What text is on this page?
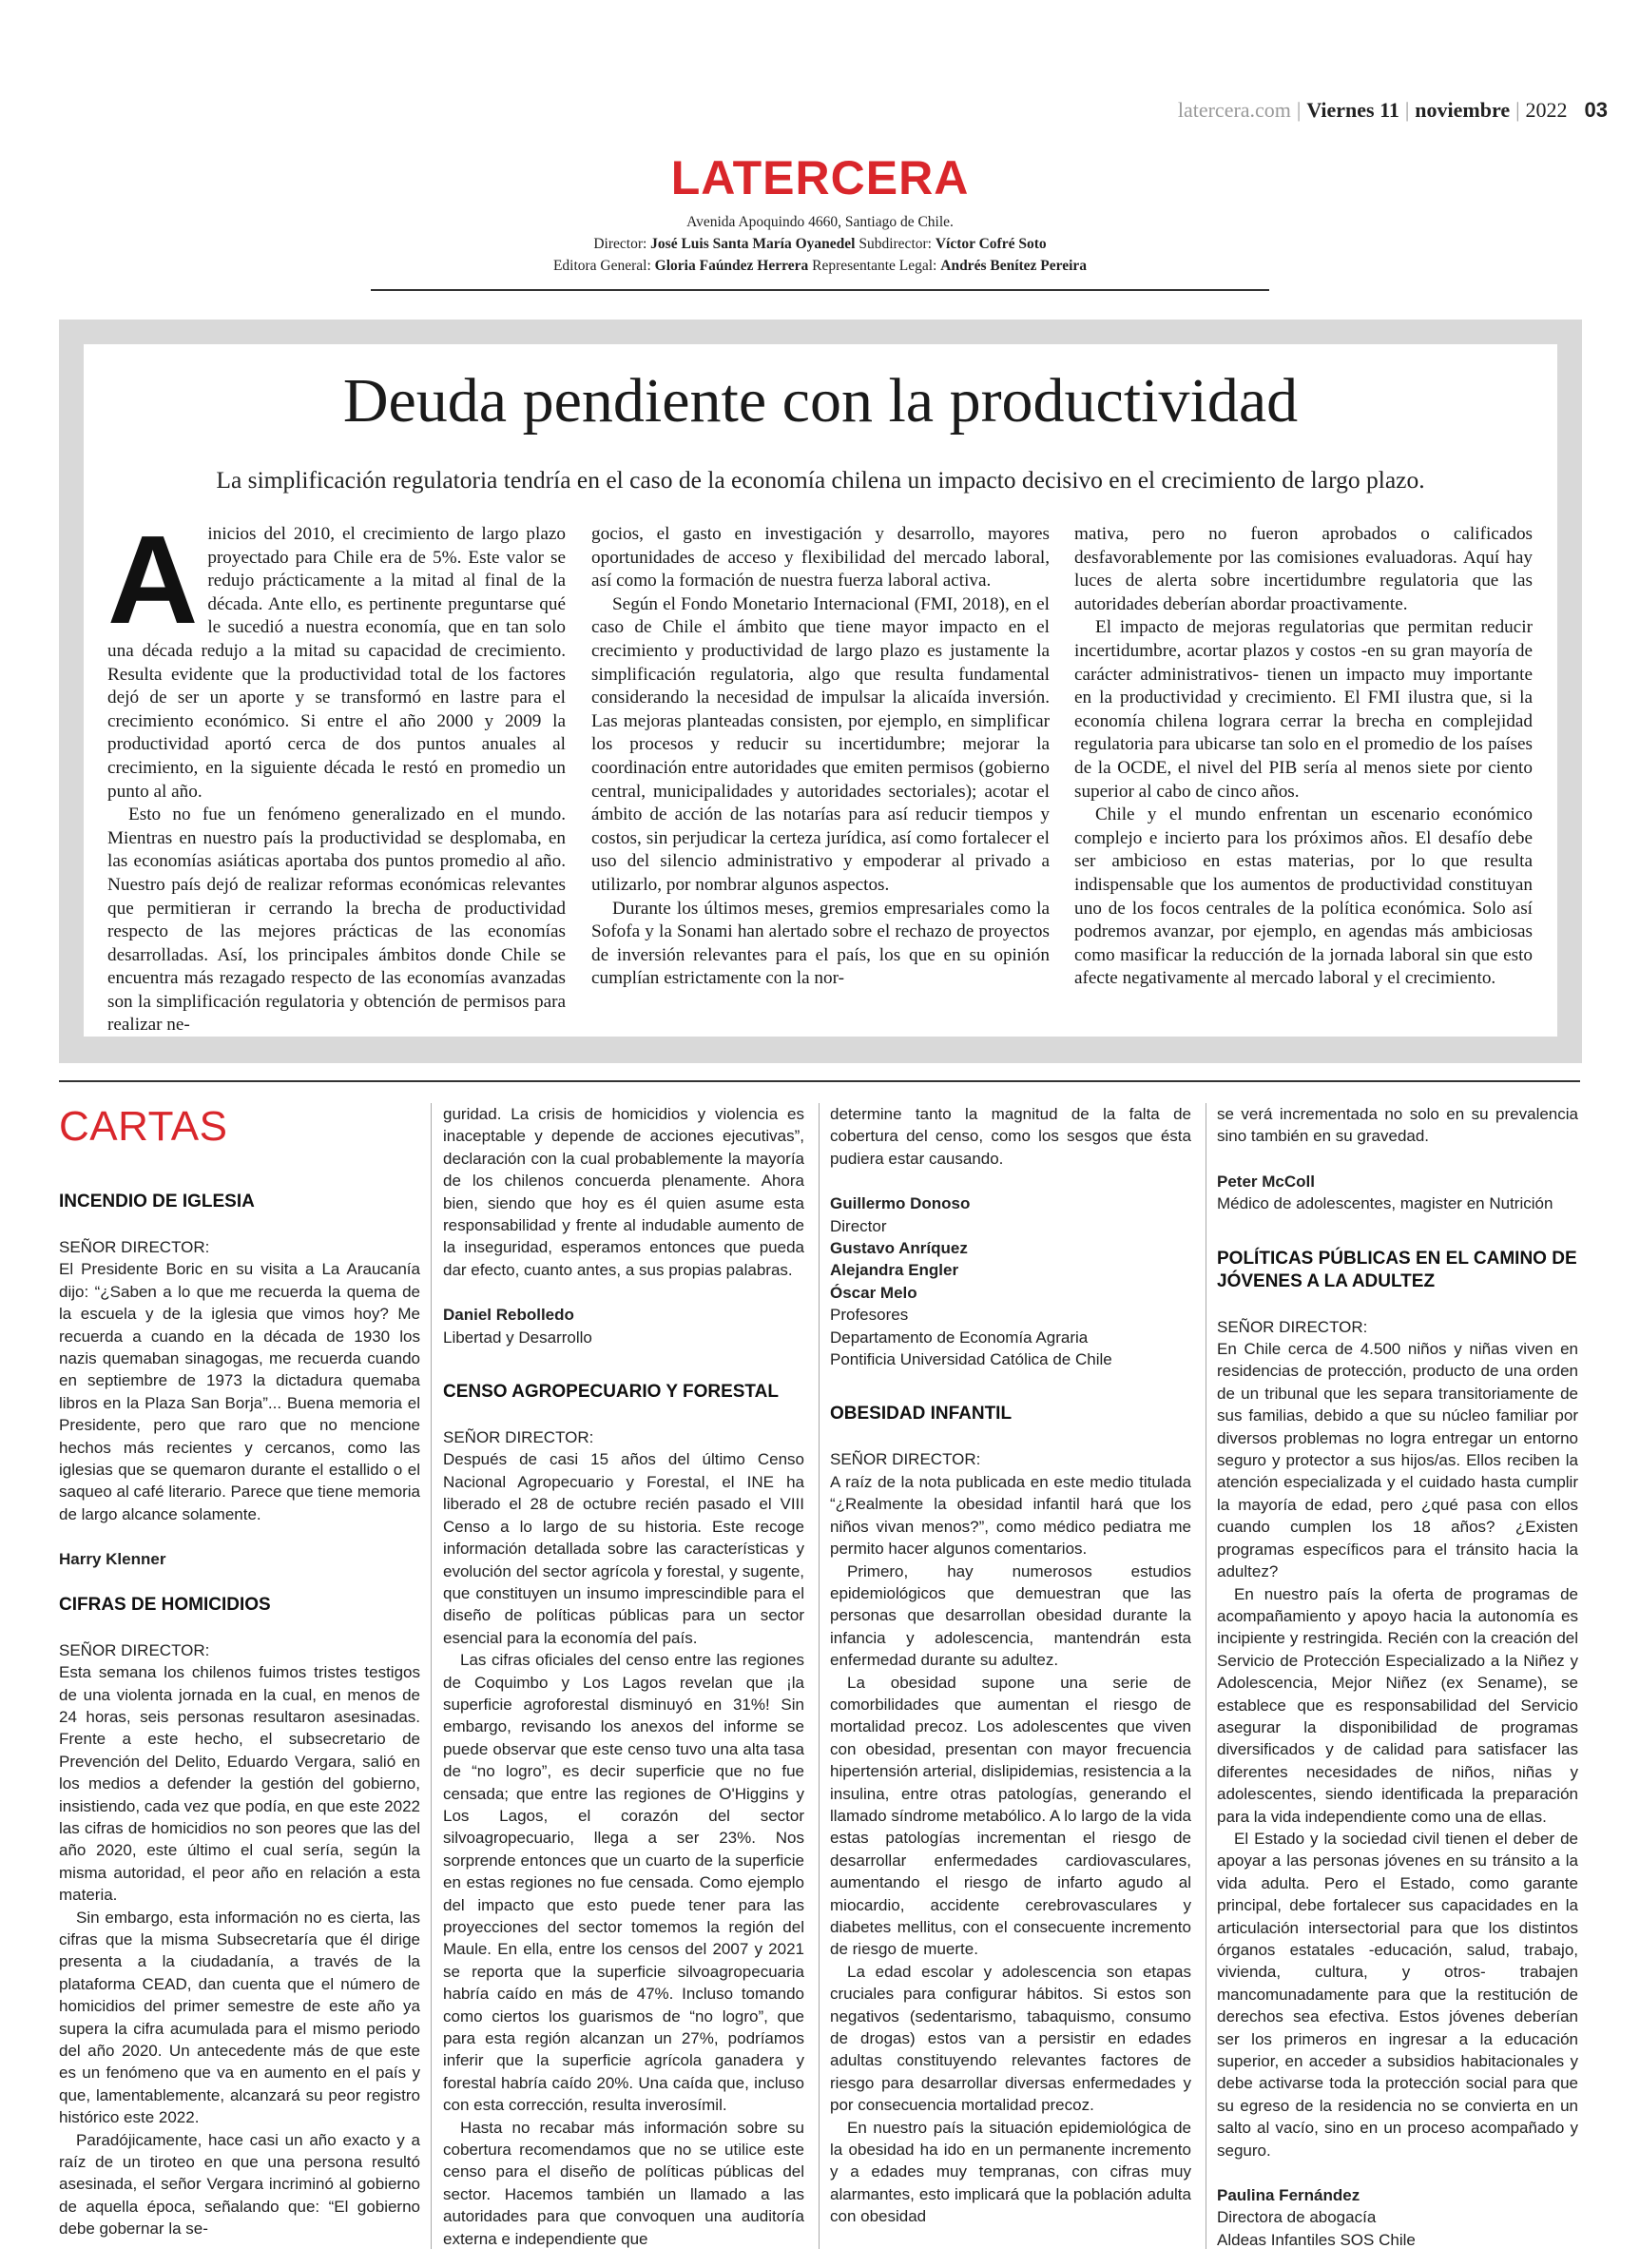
latercera.com | Viernes 11 | noviembre | 2022 03
LATERCERA
Avenida Apoquindo 4660, Santiago de Chile.
Director: José Luis Santa María Oyanedel Subdirector: Víctor Cofré Soto
Editora General: Gloria Faúndez Herrera Representante Legal: Andrés Benítez Pereira
Deuda pendiente con la productividad
La simplificación regulatoria tendría en el caso de la economía chilena un impacto decisivo en el crecimiento de largo plazo.
A inicios del 2010, el crecimiento de largo plazo proyectado para Chile era de 5%. Este valor se redujo prácticamente a la mitad al final de la década. Ante ello, es pertinente preguntarse qué le sucedió a nuestra economía, que en tan solo una década redujo a la mitad su capacidad de crecimiento. Resulta evidente que la productividad total de los factores dejó de ser un aporte y se transformó en lastre para el crecimiento económico. Si entre el año 2000 y 2009 la productividad aportó cerca de dos puntos anuales al crecimiento, en la siguiente década le restó en promedio un punto al año.

Esto no fue un fenómeno generalizado en el mundo. Mientras en nuestro país la productividad se desplomaba, en las economías asiáticas aportaba dos puntos promedio al año. Nuestro país dejó de realizar reformas económicas relevantes que permitieran ir cerrando la brecha de productividad respecto de las mejores prácticas de las economías desarrolladas. Así, los principales ámbitos donde Chile se encuentra más rezagado respecto de las economías avanzadas son la simplificación regulatoria y obtención de permisos para realizar ne-

gocios, el gasto en investigación y desarrollo, mayores oportunidades de acceso y flexibilidad del mercado laboral, así como la formación de nuestra fuerza laboral activa.

Según el Fondo Monetario Internacional (FMI, 2018), en el caso de Chile el ámbito que tiene mayor impacto en el crecimiento y productividad de largo plazo es justamente la simplificación regulatoria, algo que resulta fundamental considerando la necesidad de impulsar la alicaída inversión. Las mejoras planteadas consisten, por ejemplo, en simplificar los procesos y reducir su incertidumbre; mejorar la coordinación entre autoridades que emiten permisos (gobierno central, municipalidades y autoridades sectoriales); acotar el ámbito de acción de las notarías para así reducir tiempos y costos, sin perjudicar la certeza jurídica, así como fortalecer el uso del silencio administrativo y empoderar al privado a utilizarlo, por nombrar algunos aspectos.

Durante los últimos meses, gremios empresariales como la Sofofa y la Sonami han alertado sobre el rechazo de proyectos de inversión relevantes para el país, los que en su opinión cumplían estrictamente con la nor-

mativa, pero no fueron aprobados o calificados desfavorablemente por las comisiones evaluadoras. Aquí hay luces de alerta sobre incertidumbre regulatoria que las autoridades deberían abordar proactivamente.

El impacto de mejoras regulatorias que permitan reducir incertidumbre, acortar plazos y costos -en su gran mayoría de carácter administrativos- tienen un impacto muy importante en la productividad y crecimiento. El FMI ilustra que, si la economía chilena lograra cerrar la brecha en complejidad regulatoria para ubicarse tan solo en el promedio de los países de la OCDE, el nivel del PIB sería al menos siete por ciento superior al cabo de cinco años.

Chile y el mundo enfrentan un escenario económico complejo e incierto para los próximos años. El desafío debe ser ambicioso en estas materias, por lo que resulta indispensable que los aumentos de productividad constituyan uno de los focos centrales de la política económica. Solo así podremos avanzar, por ejemplo, en agendas más ambiciosas como masificar la reducción de la jornada laboral sin que esto afecte negativamente al mercado laboral y el crecimiento.

CARTAS
INCENDIO DE IGLESIA

SEÑOR DIRECTOR:

El Presidente Boric en su visita a La Araucanía dijo: “¿Saben a lo que me recuerda la quema de la escuela y de la iglesia que vimos hoy? Me recuerda a cuando en la década de 1930 los nazis quemaban sinagogas, me recuerda cuando en septiembre de 1973 la dictadura quemaba libros en la Plaza San Borja”... Buena memoria el Presidente, pero que raro que no mencione hechos más recientes y cercanos, como las iglesias que se quemaron durante el estallido o el saqueo al café literario. Parece que tiene memoria de largo alcance solamente.

Harry Klenner

CIFRAS DE HOMICIDIOS

SEÑOR DIRECTOR:

Esta semana los chilenos fuimos tristes testigos de una violenta jornada en la cual, en menos de 24 horas, seis personas resultaron asesinadas. Frente a este hecho, el subsecretario de Prevención del Delito, Eduardo Vergara, salió en los medios a defender la gestión del gobierno, insistiendo, cada vez que podía, en que este 2022 las cifras de homicidios no son peores que las del año 2020, este último el cual sería, según la misma autoridad, el peor año en relación a esta materia.

Sin embargo, esta información no es cierta, las cifras que la misma Subsecretaría que él dirige presenta a la ciudadanía, a través de la plataforma CEAD, dan cuenta que el número de homicidios del primer semestre de este año ya supera la cifra acumulada para el mismo periodo del año 2020. Un antecedente más de que este es un fenómeno que va en aumento en el país y que, lamentablemente, alcanzará su peor registro histórico este 2022.

Paradójicamente, hace casi un año exacto y a raíz de un tiroteo en que una persona resultó asesinada, el señor Vergara incriminó al gobierno de aquella época, señalando que: “El gobierno debe gobernar la se-

guridad. La crisis de homicidios y violencia es inaceptable y depende de acciones ejecutivas”, declaración con la cual probablemente la mayoría de los chilenos concuerda plenamente. Ahora bien, siendo que hoy es él quien asume esta responsabilidad y frente al indudable aumento de la inseguridad, esperamos entonces que pueda dar efecto, cuanto antes, a sus propias palabras.

Daniel Rebolledo

Libertad y Desarrollo

CENSO AGROPECUARIO Y FORESTAL

SEÑOR DIRECTOR:

Después de casi 15 años del último Censo Nacional Agropecuario y Forestal, el INE ha liberado el 28 de octubre recién pasado el VIII Censo a lo largo de su historia. Este recoge información detallada sobre las características y evolución del sector agrícola y forestal, y sugente, que constituyen un insumo imprescindible para el diseño de políticas públicas para un sector esencial para la economía del país.

Las cifras oficiales del censo entre las regiones de Coquimbo y Los Lagos revelan que ¡la superficie agroforestal disminuyó en 31%! Sin embargo, revisando los anexos del informe se puede observar que este censo tuvo una alta tasa de “no logro”, es decir superficie que no fue censada; que entre las regiones de O'Higgins y Los Lagos, el corazón del sector silvoagropecuario, llega a ser 23%. Nos sorprende entonces que un cuarto de la superficie en estas regiones no fue censada. Como ejemplo del impacto que esto puede tener para las proyecciones del sector tomemos la región del Maule. En ella, entre los censos del 2007 y 2021 se reporta que la superficie silvoagropecuaria habría caído en más de 47%. Incluso tomando como ciertos los guarismos de “no logro”, que para esta región alcanzan un 27%, podríamos inferir que la superficie agrícola ganadera y forestal habría caído 20%. Una caída que, incluso con esta corrección, resulta inverosímil.

Hasta no recabar más información sobre su cobertura recomendamos que no se utilice este censo para el diseño de políticas públicas del sector. Hacemos también un llamado a las autoridades para que convoquen una auditoría externa e independiente que

determine tanto la magnitud de la falta de cobertura del censo, como los sesgos que ésta pudiera estar causando.

Guillermo Donoso

Director

Gustavo Anríquez

Alejandra Engler

Óscar Melo

Profesores

Departamento de Economía Agraria

Pontificia Universidad Católica de Chile

OBESIDAD INFANTIL

SEÑOR DIRECTOR:

A raíz de la nota publicada en este medio titulada “¿Realmente la obesidad infantil hará que los niños vivan menos?”, como médico pediatra me permito hacer algunos comentarios.

Primero, hay numerosos estudios epidemiológicos que demuestran que las personas que desarrollan obesidad durante la infancia y adolescencia, mantendrán esta enfermedad durante su adultez.

La obesidad supone una serie de comorbilidades que aumentan el riesgo de mortalidad precoz. Los adolescentes que viven con obesidad, presentan con mayor frecuencia hipertensión arterial, dislipidemias, resistencia a la insulina, entre otras patologías, generando el llamado síndrome metabólico. A lo largo de la vida estas patologías incrementan el riesgo de desarrollar enfermedades cardiovasculares, aumentando el riesgo de infarto agudo al miocardio, accidente cerebrovasculares y diabetes mellitus, con el consecuente incremento de riesgo de muerte.

La edad escolar y adolescencia son etapas cruciales para configurar hábitos. Si estos son negativos (sedentarismo, tabaquismo, consumo de drogas) estos van a persistir en edades adultas constituyendo relevantes factores de riesgo para desarrollar diversas enfermedades y por consecuencia mortalidad precoz.

En nuestro país la situación epidemiológica de la obesidad ha ido en un permanente incremento y a edades muy tempranas, con cifras muy alarmantes, esto implicará que la población adulta con obesidad

se verá incrementada no solo en su prevalencia sino también en su gravedad.

Peter McColl

Médico de adolescentes, magister en Nutrición

POLÍTICAS PÚBLICAS EN EL CAMINO DE JÓVENES A LA ADULTEZ

SEÑOR DIRECTOR:

En Chile cerca de 4.500 niños y niñas viven en residencias de protección, producto de una orden de un tribunal que les separa transitoriamente de sus familias, debido a que su núcleo familiar por diversos problemas no logra entregar un entorno seguro y protector a sus hijos/as. Ellos reciben la atención especializada y el cuidado hasta cumplir la mayoría de edad, pero ¿qué pasa con ellos cuando cumplen los 18 años? ¿Existen programas específicos para el tránsito hacia la adultez?

En nuestro país la oferta de programas de acompañamiento y apoyo hacia la autonomía es incipiente y restringida. Recién con la creación del Servicio de Protección Especializado a la Niñez y Adolescencia, Mejor Niñez (ex Sename), se establece que es responsabilidad del Servicio asegurar la disponibilidad de programas diversificados y de calidad para satisfacer las diferentes necesidades de niños, niñas y adolescentes, siendo identificada la preparación para la vida independiente como una de ellas.

El Estado y la sociedad civil tienen el deber de apoyar a las personas jóvenes en su tránsito a la vida adulta. Pero el Estado, como garante principal, debe fortalecer sus capacidades en la articulación intersectorial para que los distintos órganos estatales -educación, salud, trabajo, vivienda, cultura, y otros- trabajen mancomunadamente para que la restitución de derechos sea efectiva. Estos jóvenes deberían ser los primeros en ingresar a la educación superior, en acceder a subsidios habitacionales y debe activarse toda la protección social para que su egreso de la residencia no se convierta en un salto al vacío, sino en un proceso acompañado y seguro.

Paulina Fernández

Directora de abogacía

Aldeas Infantiles SOS Chile
